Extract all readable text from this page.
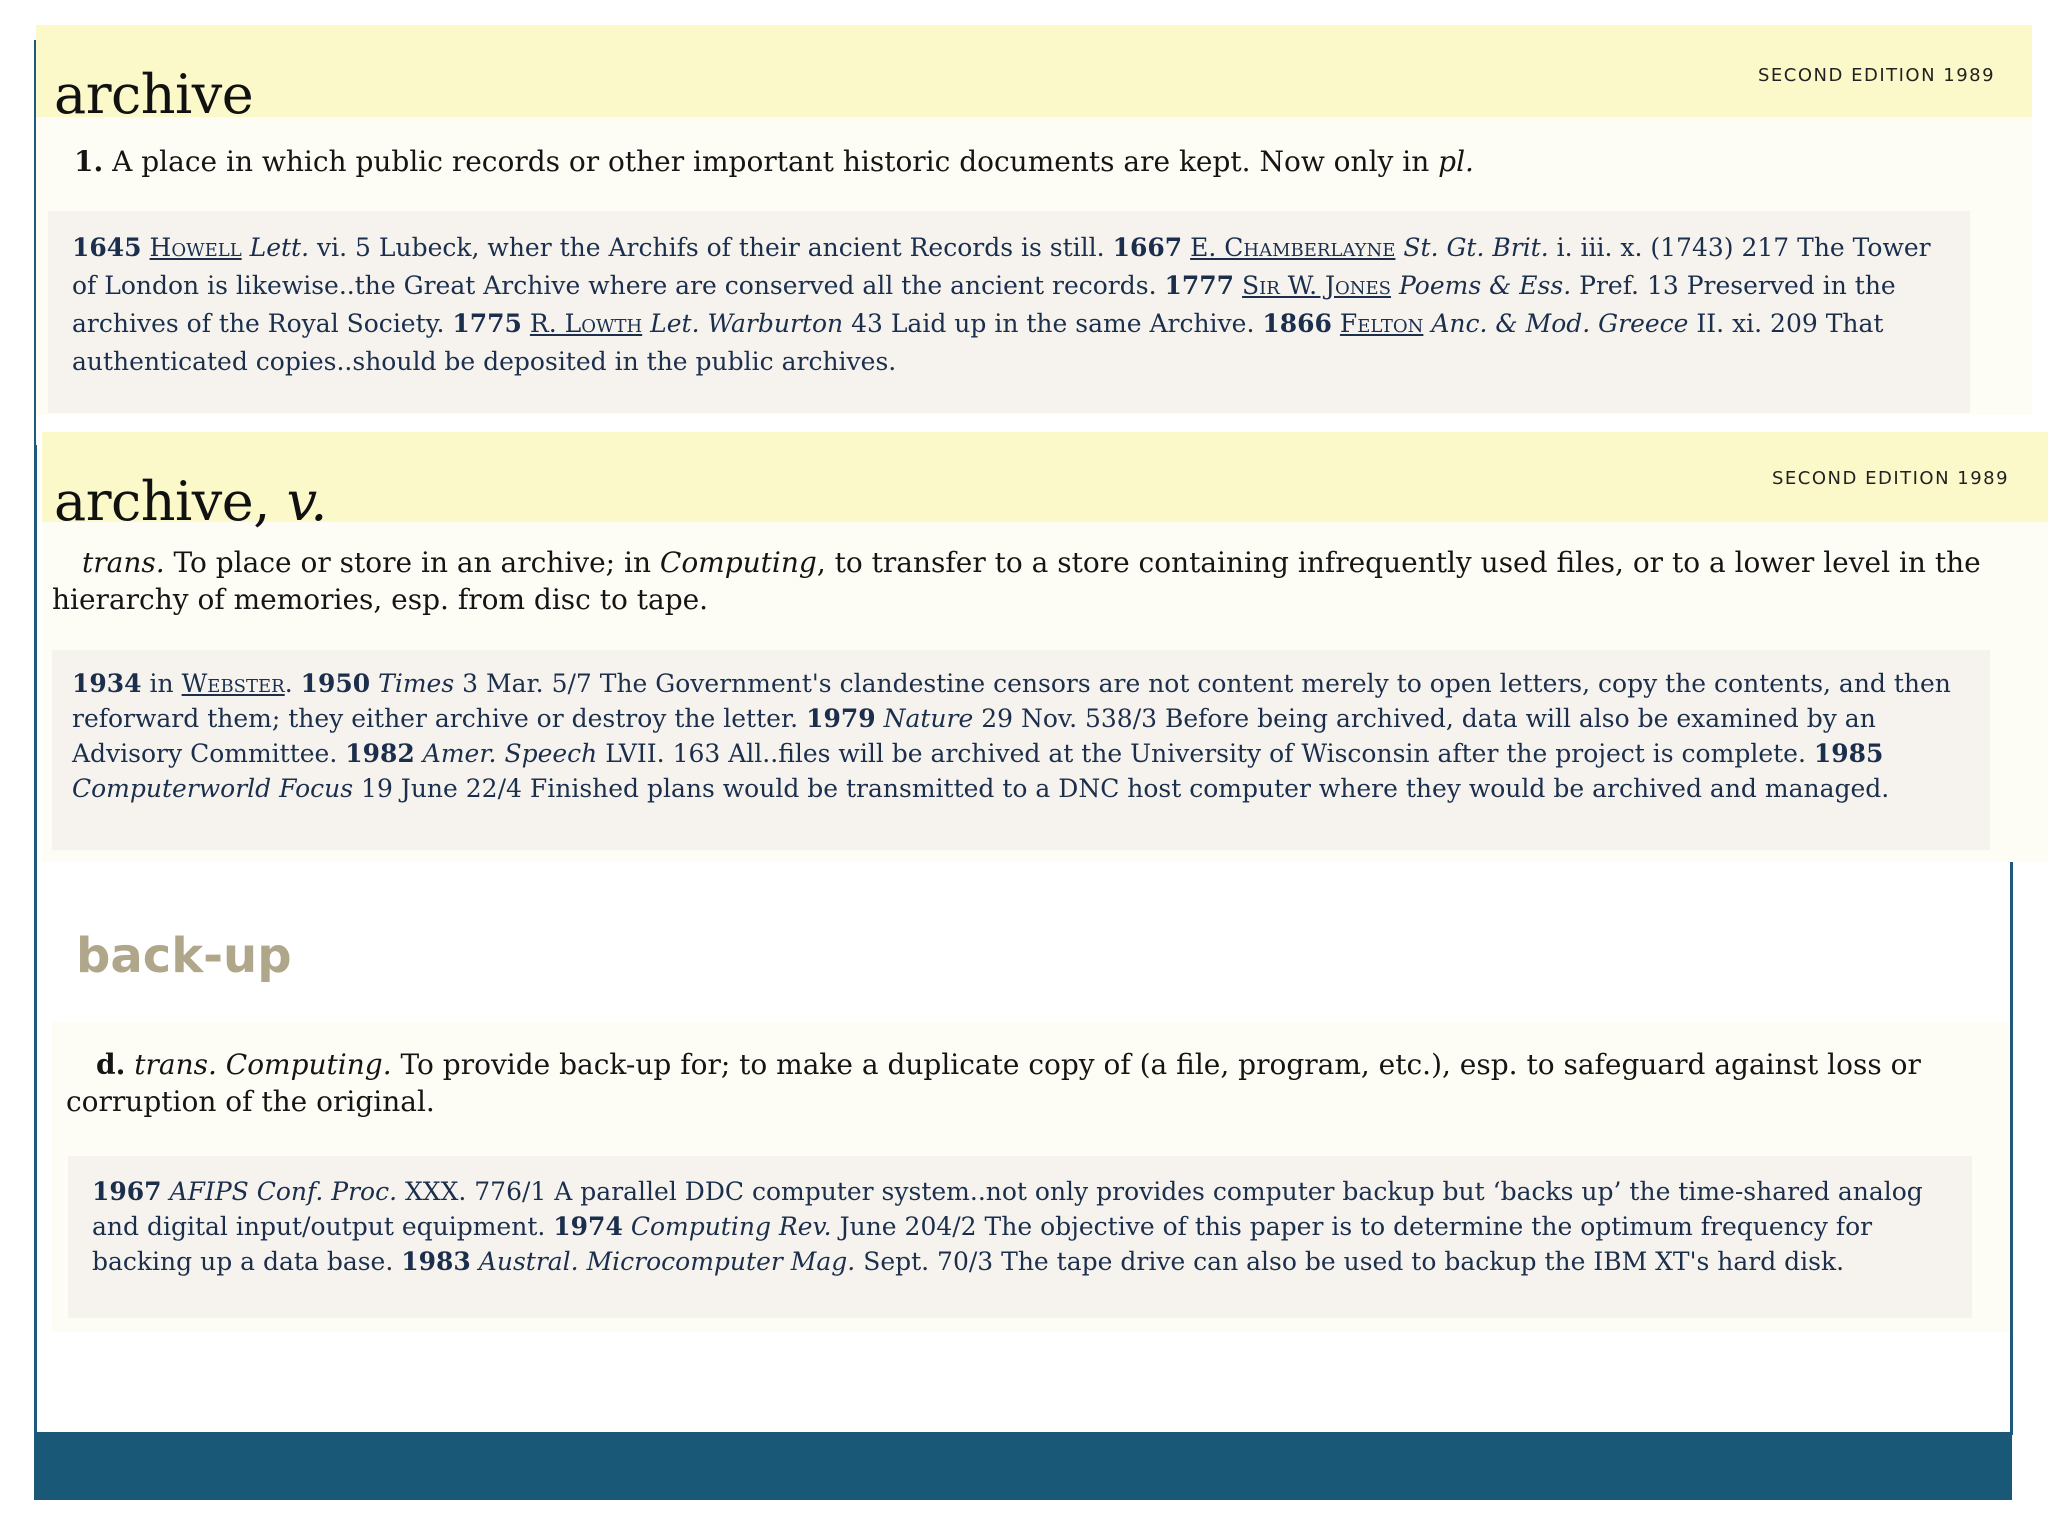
archive	SECOND EDITION 1989
1. A place in which public records or other important historic documents are kept. Now only in pl.
1645 Howell Lett. vi. 5 Lubeck, wher the Archifs of their ancient Records is still. 1667 E. Chamberlayne St. Gt. Brit. i. iii. x. (1743) 217 The Tower of London is likewise..the Great Archive where are conserved all the ancient records. 1777 Sir W. Jones Poems & Ess. Pref. 13 Preserved in the archives of the Royal Society. 1775 R. Lowth Let. Warburton 43 Laid up in the same Archive. 1866 Felton Anc. & Mod. Greece II. xi. 209 That authenticated copies..should be deposited in the public archives.
archive, v.	SECOND EDITION 1989
trans. To place or store in an archive; in Computing, to transfer to a store containing infrequently used files, or to a lower level in the hierarchy of memories, esp. from disc to tape.
1934 in Webster. 1950 Times 3 Mar. 5/7 The Government's clandestine censors are not content merely to open letters, copy the contents, and then reforward them; they either archive or destroy the letter. 1979 Nature 29 Nov. 538/3 Before being archived, data will also be examined by an Advisory Committee. 1982 Amer. Speech LVII. 163 All..files will be archived at the University of Wisconsin after the project is complete. 1985 Computerworld Focus 19 June 22/4 Finished plans would be transmitted to a DNC host computer where they would be archived and managed.
back-up
d. trans. Computing. To provide back-up for; to make a duplicate copy of (a file, program, etc.), esp. to safeguard against loss or corruption of the original.
1967 AFIPS Conf. Proc. XXX. 776/1 A parallel DDC computer system..not only provides computer backup but ‘backs up’ the time-shared analog and digital input/output equipment. 1974 Computing Rev. June 204/2 The objective of this paper is to determine the optimum frequency for backing up a data base. 1983 Austral. Microcomputer Mag. Sept. 70/3 The tape drive can also be used to backup the IBM XT's hard disk.
